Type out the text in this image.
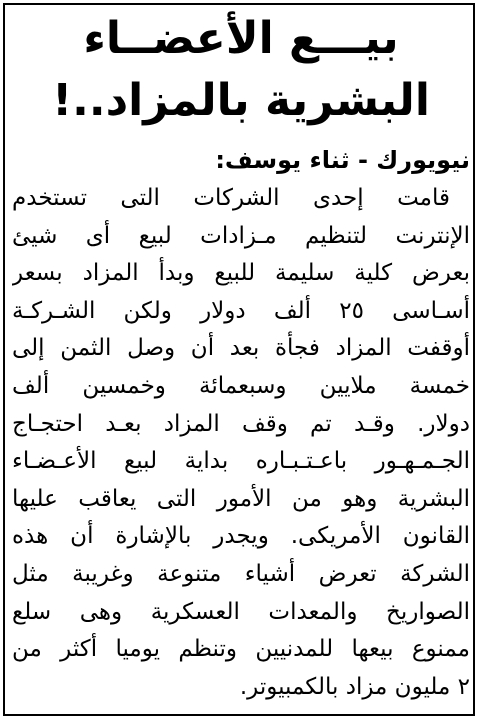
بيـــع الأعضــاء
البشرية بالمزاد..!
نيويورك - ثناء يوسف:
قامت إحدى الشركات التى تستخدم
الإنترنت لتنظيم مـزادات لبيع أى شيئ
بعرض كلية سليمة للبيع وبدأ المزاد بسعر
أسـاسى ٢٥ ألف دولار ولكن الشـركـة
أوقفت المزاد فجأة بعد أن وصل الثمن إلى
خمسة ملايين وسبعمائة وخمسين ألف
دولار. وقـد تم وقف المزاد بعـد احتجـاج
الجـمـهـور باعـتـبـاره بداية لبيع الأعـضـاء
البشرية وهو من الأمور التى يعاقب عليها
القانون الأمريكى. ويجدر بالإشارة أن هذه
الشركة تعرض أشياء متنوعة وغريبة مثل
الصواريخ والمعدات العسكرية وهى سلع
ممنوع بيعها للمدنيين وتنظم يوميا أكثر من
٢ مليون مزاد بالكمبيوتر.
